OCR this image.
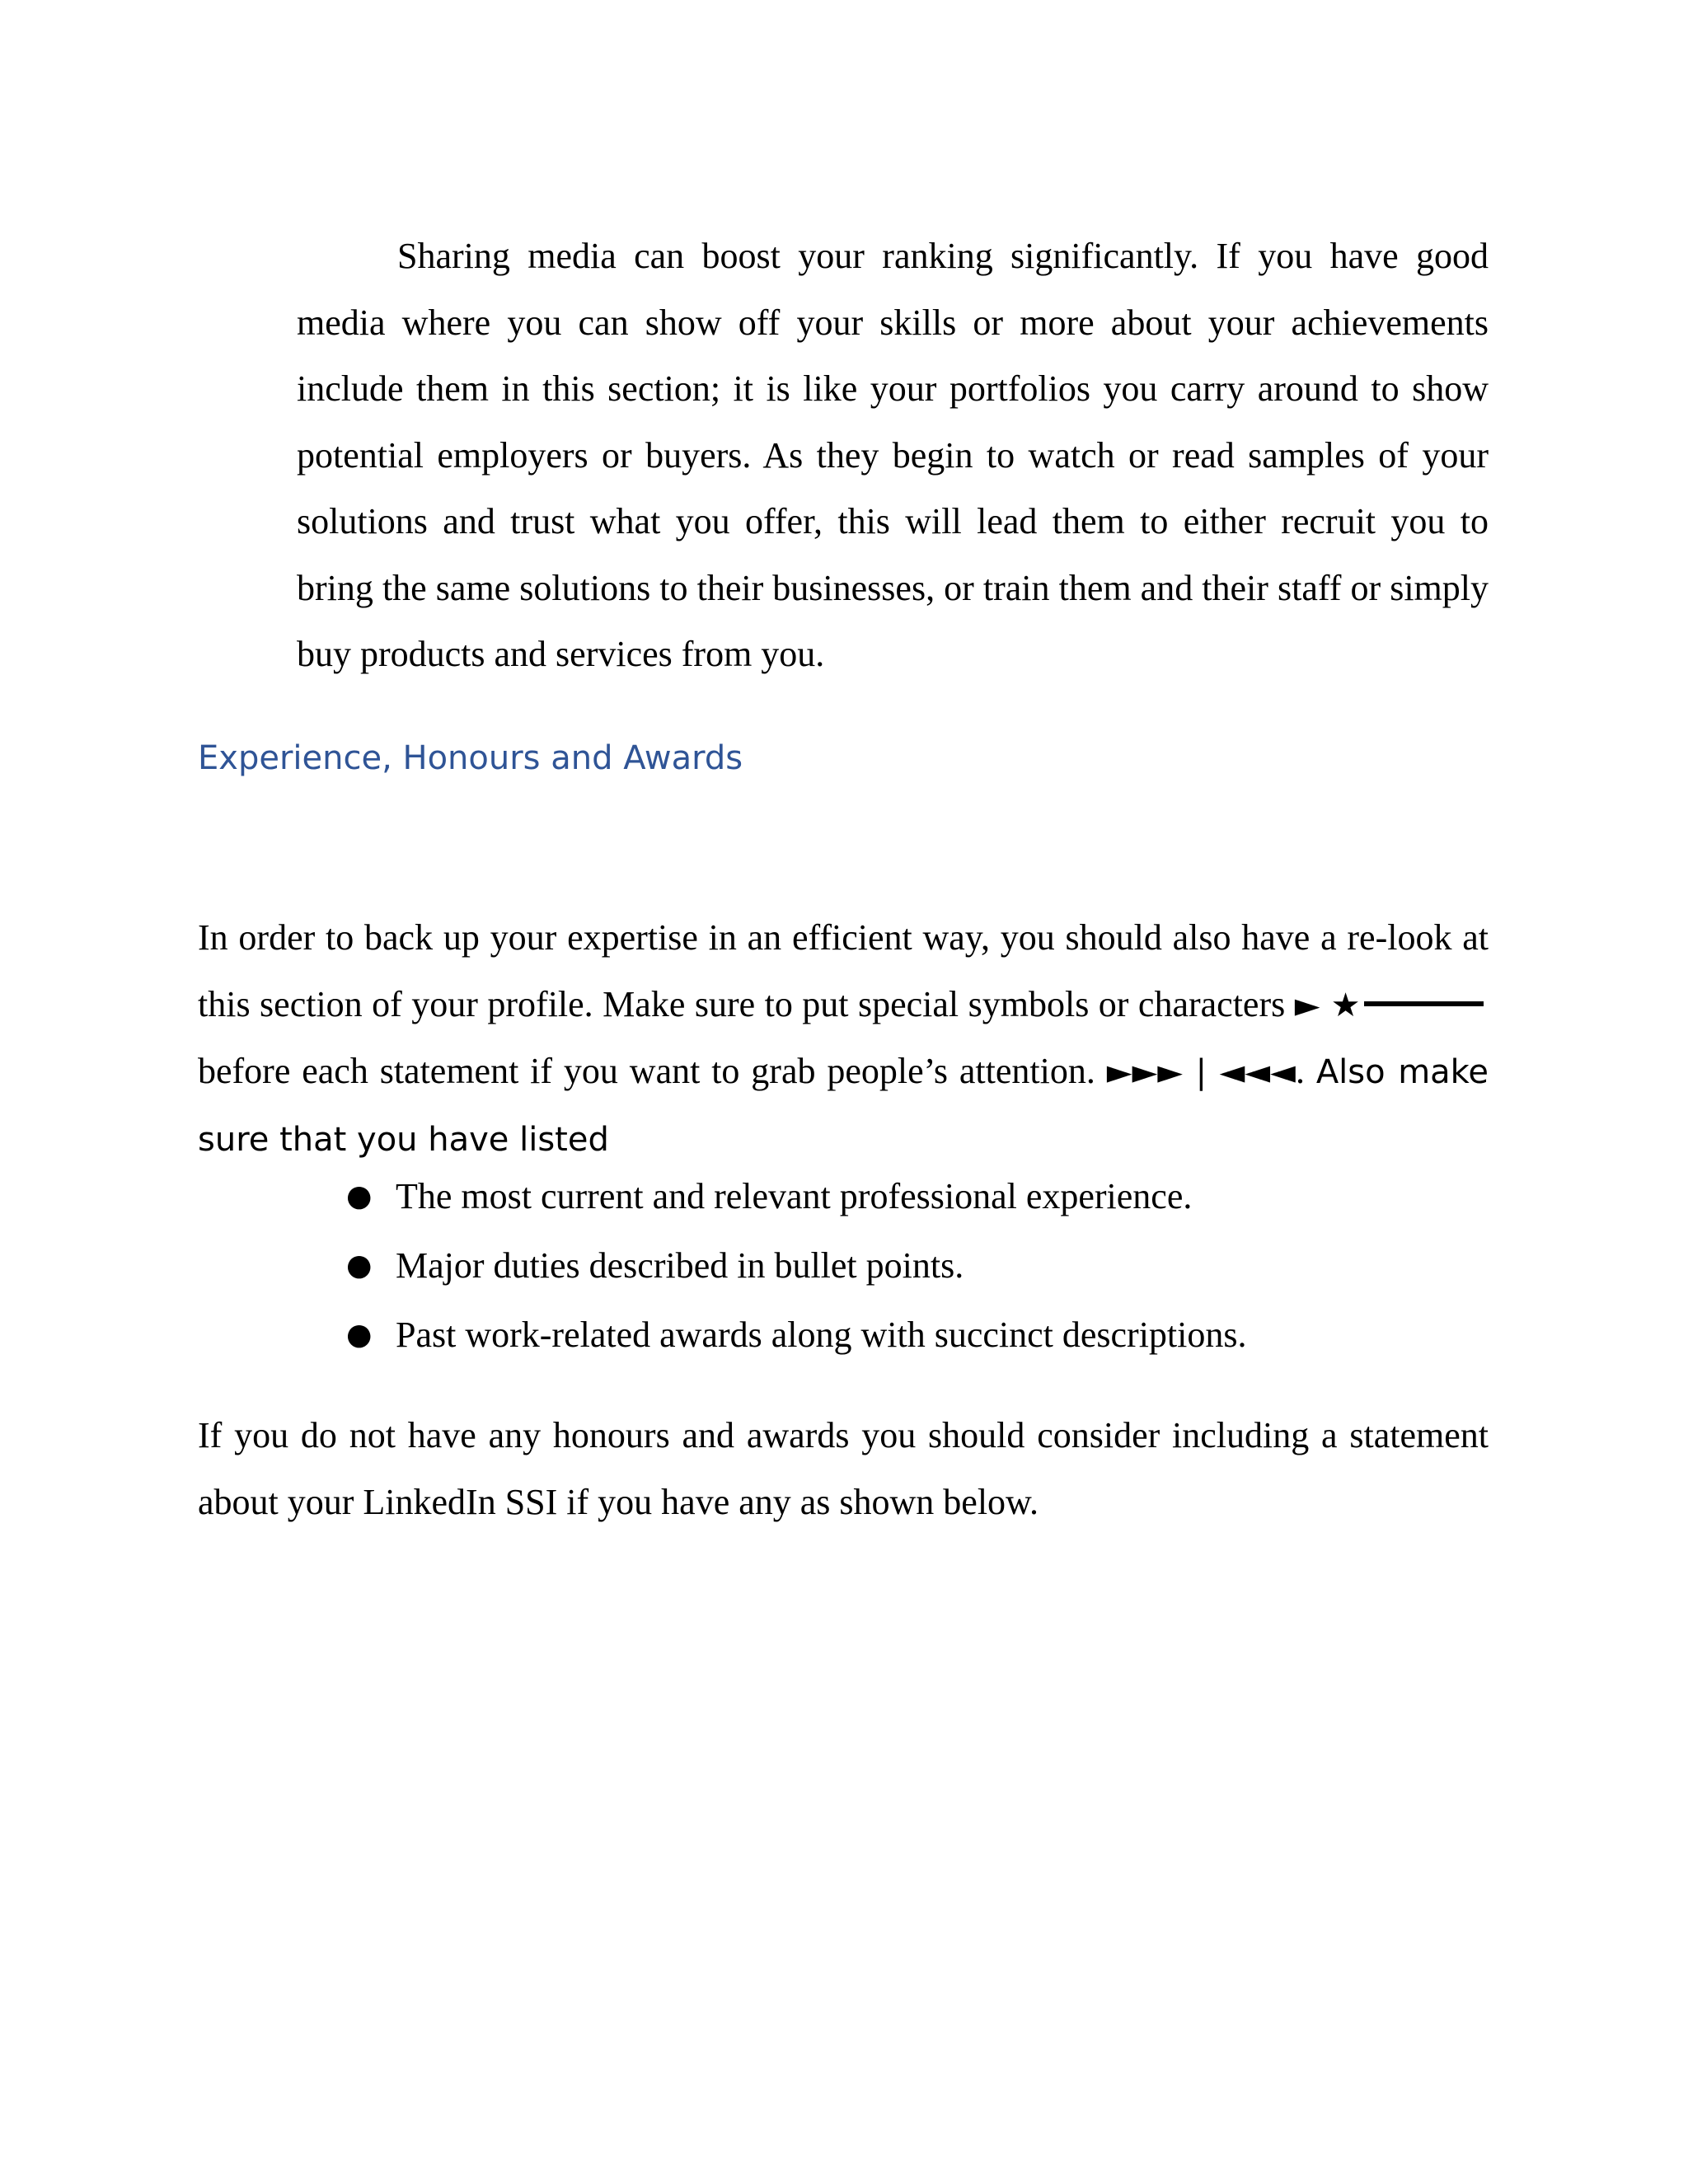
Sharing media can boost your ranking significantly. If you have good media where you can show off your skills or more about your achievements include them in this section; it is like your portfolios you carry around to show potential employers or buyers. As they begin to watch or read samples of your solutions and trust what you offer, this will lead them to either recruit you to bring the same solutions to their businesses, or train them and their staff or simply buy products and services from you.

Experience, Honours and Awards

In order to back up your expertise in an efficient way, you should also have a re-look at this section of your profile. Make sure to put special symbols or characters ► ★ before each statement if you want to grab people’s attention. ►►► | ◄◄◄. Also make sure that you have listed

● The most current and relevant professional experience.
● Major duties described in bullet points.
● Past work-related awards along with succinct descriptions.

If you do not have any honours and awards you should consider including a statement about your LinkedIn SSI if you have any as shown below.
